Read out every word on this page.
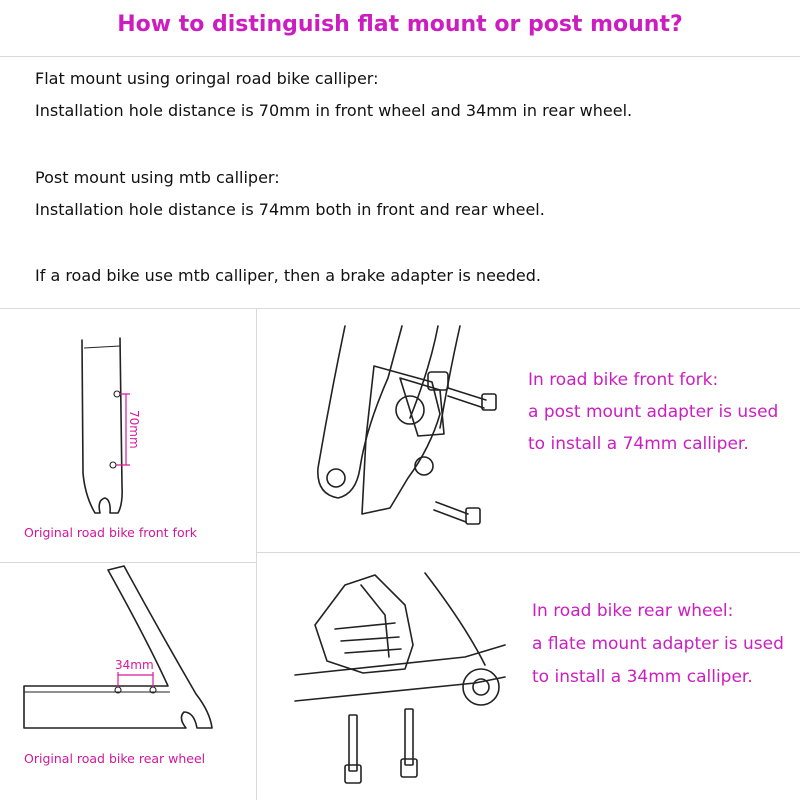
How to distinguish flat mount or post mount?
Flat mount using oringal road bike calliper:
Installation hole distance is 70mm in front wheel and 34mm in rear wheel.
Post mount using mtb calliper:
Installation hole distance is 74mm both in front and rear wheel.
If a road bike use mtb calliper, then a brake adapter is needed.
70mm
Original road bike front fork
34mm
Original road bike rear wheel
In road bike front fork:
a post mount adapter is used
to install a 74mm calliper.
In road bike rear wheel:
a flate mount adapter is used
to install a 34mm calliper.
